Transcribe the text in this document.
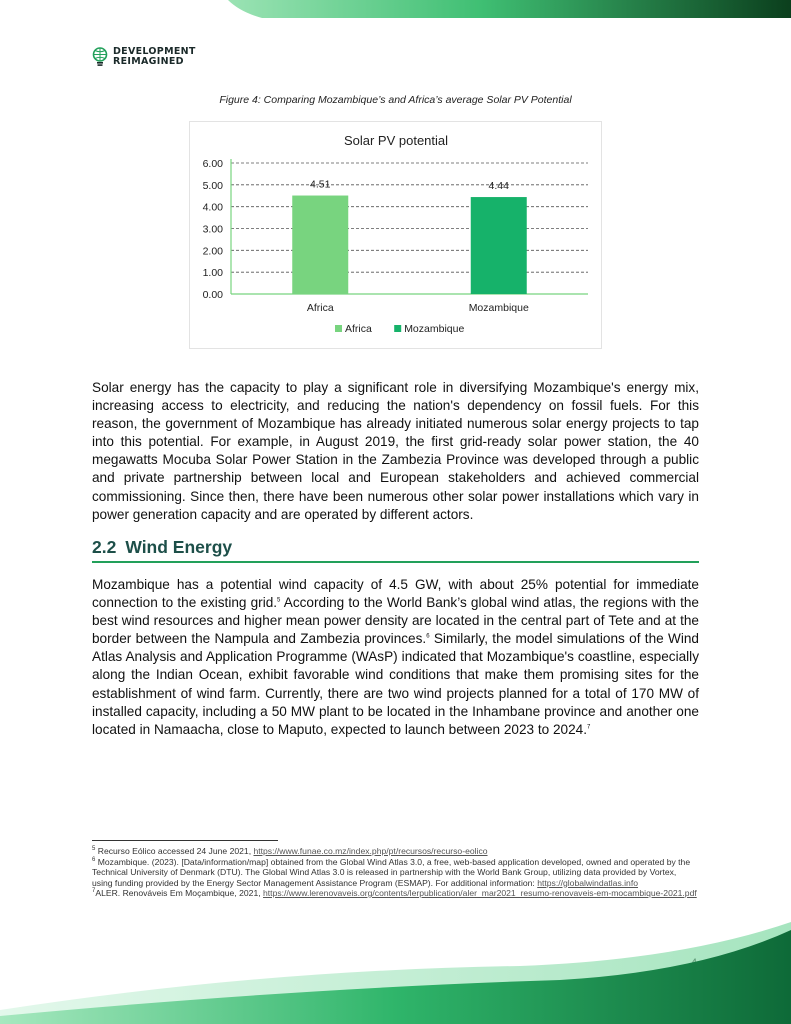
DEVELOPMENT
REIMAGINED
Figure 4: Comparing Mozambique’s and Africa’s average Solar PV Potential
Solar PV potential
0.00
1.00
2.00
3.00
4.00
5.00
6.00
4.51
Africa
4.44
Mozambique
Africa	Mozambique

Solar energy has the capacity to play a significant role in diversifying Mozambique's energy mix, increasing access to electricity, and reducing the nation's dependency on fossil fuels. For this reason, the government of Mozambique has already initiated numerous solar energy projects to tap into this potential. For example, in August 2019, the first grid-ready solar power station, the 40 megawatts Mocuba Solar Power Station in the Zambezia Province was developed through a public and private partnership between local and European stakeholders and achieved commercial commissioning. Since then, there have been numerous other solar power installations which vary in power generation capacity and are operated by different actors.

2.2 Wind Energy

Mozambique has a potential wind capacity of 4.5 GW, with about 25% potential for immediate connection to the existing grid.$^5$ According to the World Bank’s global wind atlas, the regions with the best wind resources and higher mean power density are located in the central part of Tete and at the border between the Nampula and Zambezia provinces.$^6$ Similarly, the model simulations of the Wind Atlas Analysis and Application Programme (WAsP) indicated that Mozambique's coastline, especially along the Indian Ocean, exhibit favorable wind conditions that make them promising sites for the establishment of wind farm. Currently, there are two wind projects planned for a total of 170 MW of installed capacity, including a 50 MW plant to be located in the Inhambane province and another one located in Namaacha, close to Maputo, expected to launch between 2023 to 2024.$^7$

$^5$ Recurso Eólico accessed 24 June 2021, https://www.funae.co.mz/index.php/pt/recursos/recurso-eolico

$^6$ Mozambique. (2023). [Data/information/map] obtained from the Global Wind Atlas 3.0, a free, web-based application developed, owned and operated by the Technical University of Denmark (DTU). The Global Wind Atlas 3.0 is released in partnership with the World Bank Group, utilizing data provided by Vortex, using funding provided by the Energy Sector Management Assistance Program (ESMAP). For additional information: https://globalwindatlas.info

$^7$ALER. Renováveis Em Moçambique, 2021, https://www.lerenovaveis.org/contents/lerpublication/aler_mar2021_resumo-renovaveis-em-mocambique-2021.pdf
